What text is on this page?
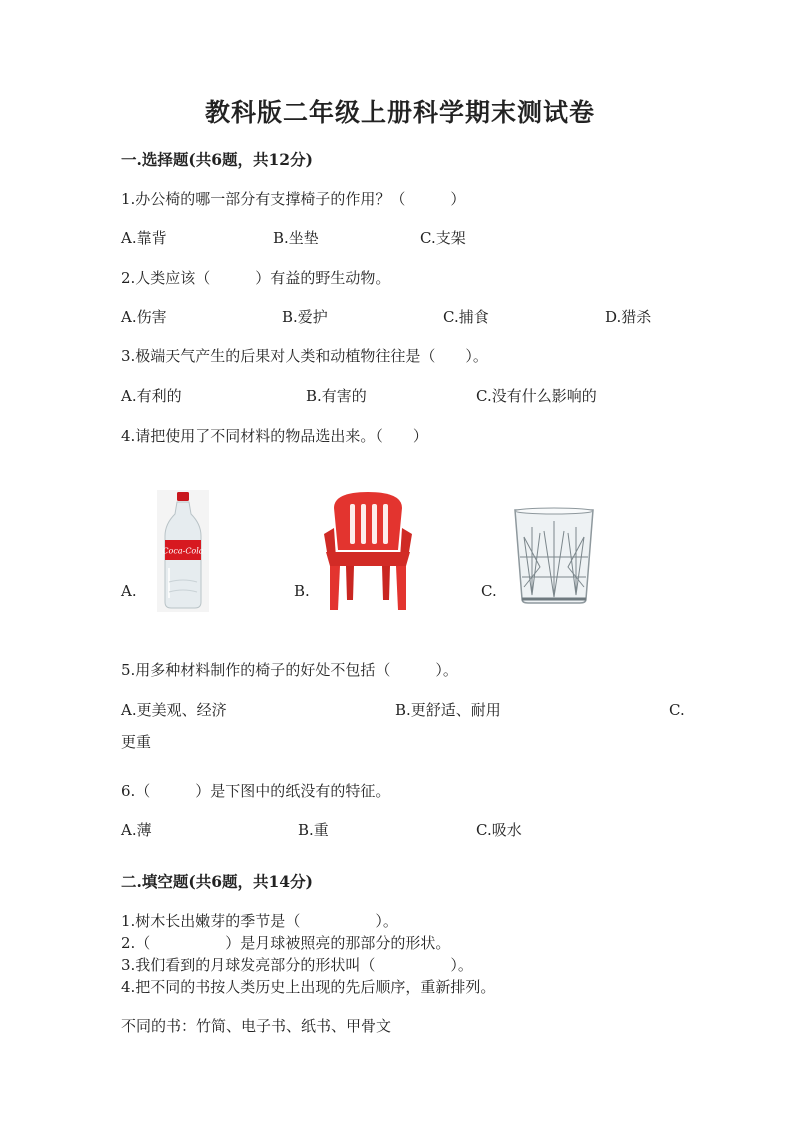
教科版二年级上册科学期末测试卷
一.选择题(共6题，共12分)
1.办公椅的哪一部分有支撑椅子的作用？（　　　）
A.靠背	B.坐垫	C.支架
2.人类应该（　　　）有益的野生动物。
A.伤害	B.爱护	C.捕食	D.猎杀
3.极端天气产生的后果对人类和动植物往往是（　　）。
A.有利的	B.有害的	C.没有什么影响的
4.请把使用了不同材料的物品选出来。（　　）
A.	B.	C.
Coca-Cola
5.用多种材料制作的椅子的好处不包括（　　　）。
A.更美观、经济	B.更舒适、耐用	C.
更重
6.（　　　）是下图中的纸没有的特征。
A.薄	B.重	C.吸水
二.填空题(共6题，共14分)
1.树木长出嫩芽的季节是（　　　　　）。
2.（　　　　　）是月球被照亮的那部分的形状。
3.我们看到的月球发亮部分的形状叫（　　　　　）。
4.把不同的书按人类历史上出现的先后顺序，重新排列。
不同的书：竹简、电子书、纸书、甲骨文
